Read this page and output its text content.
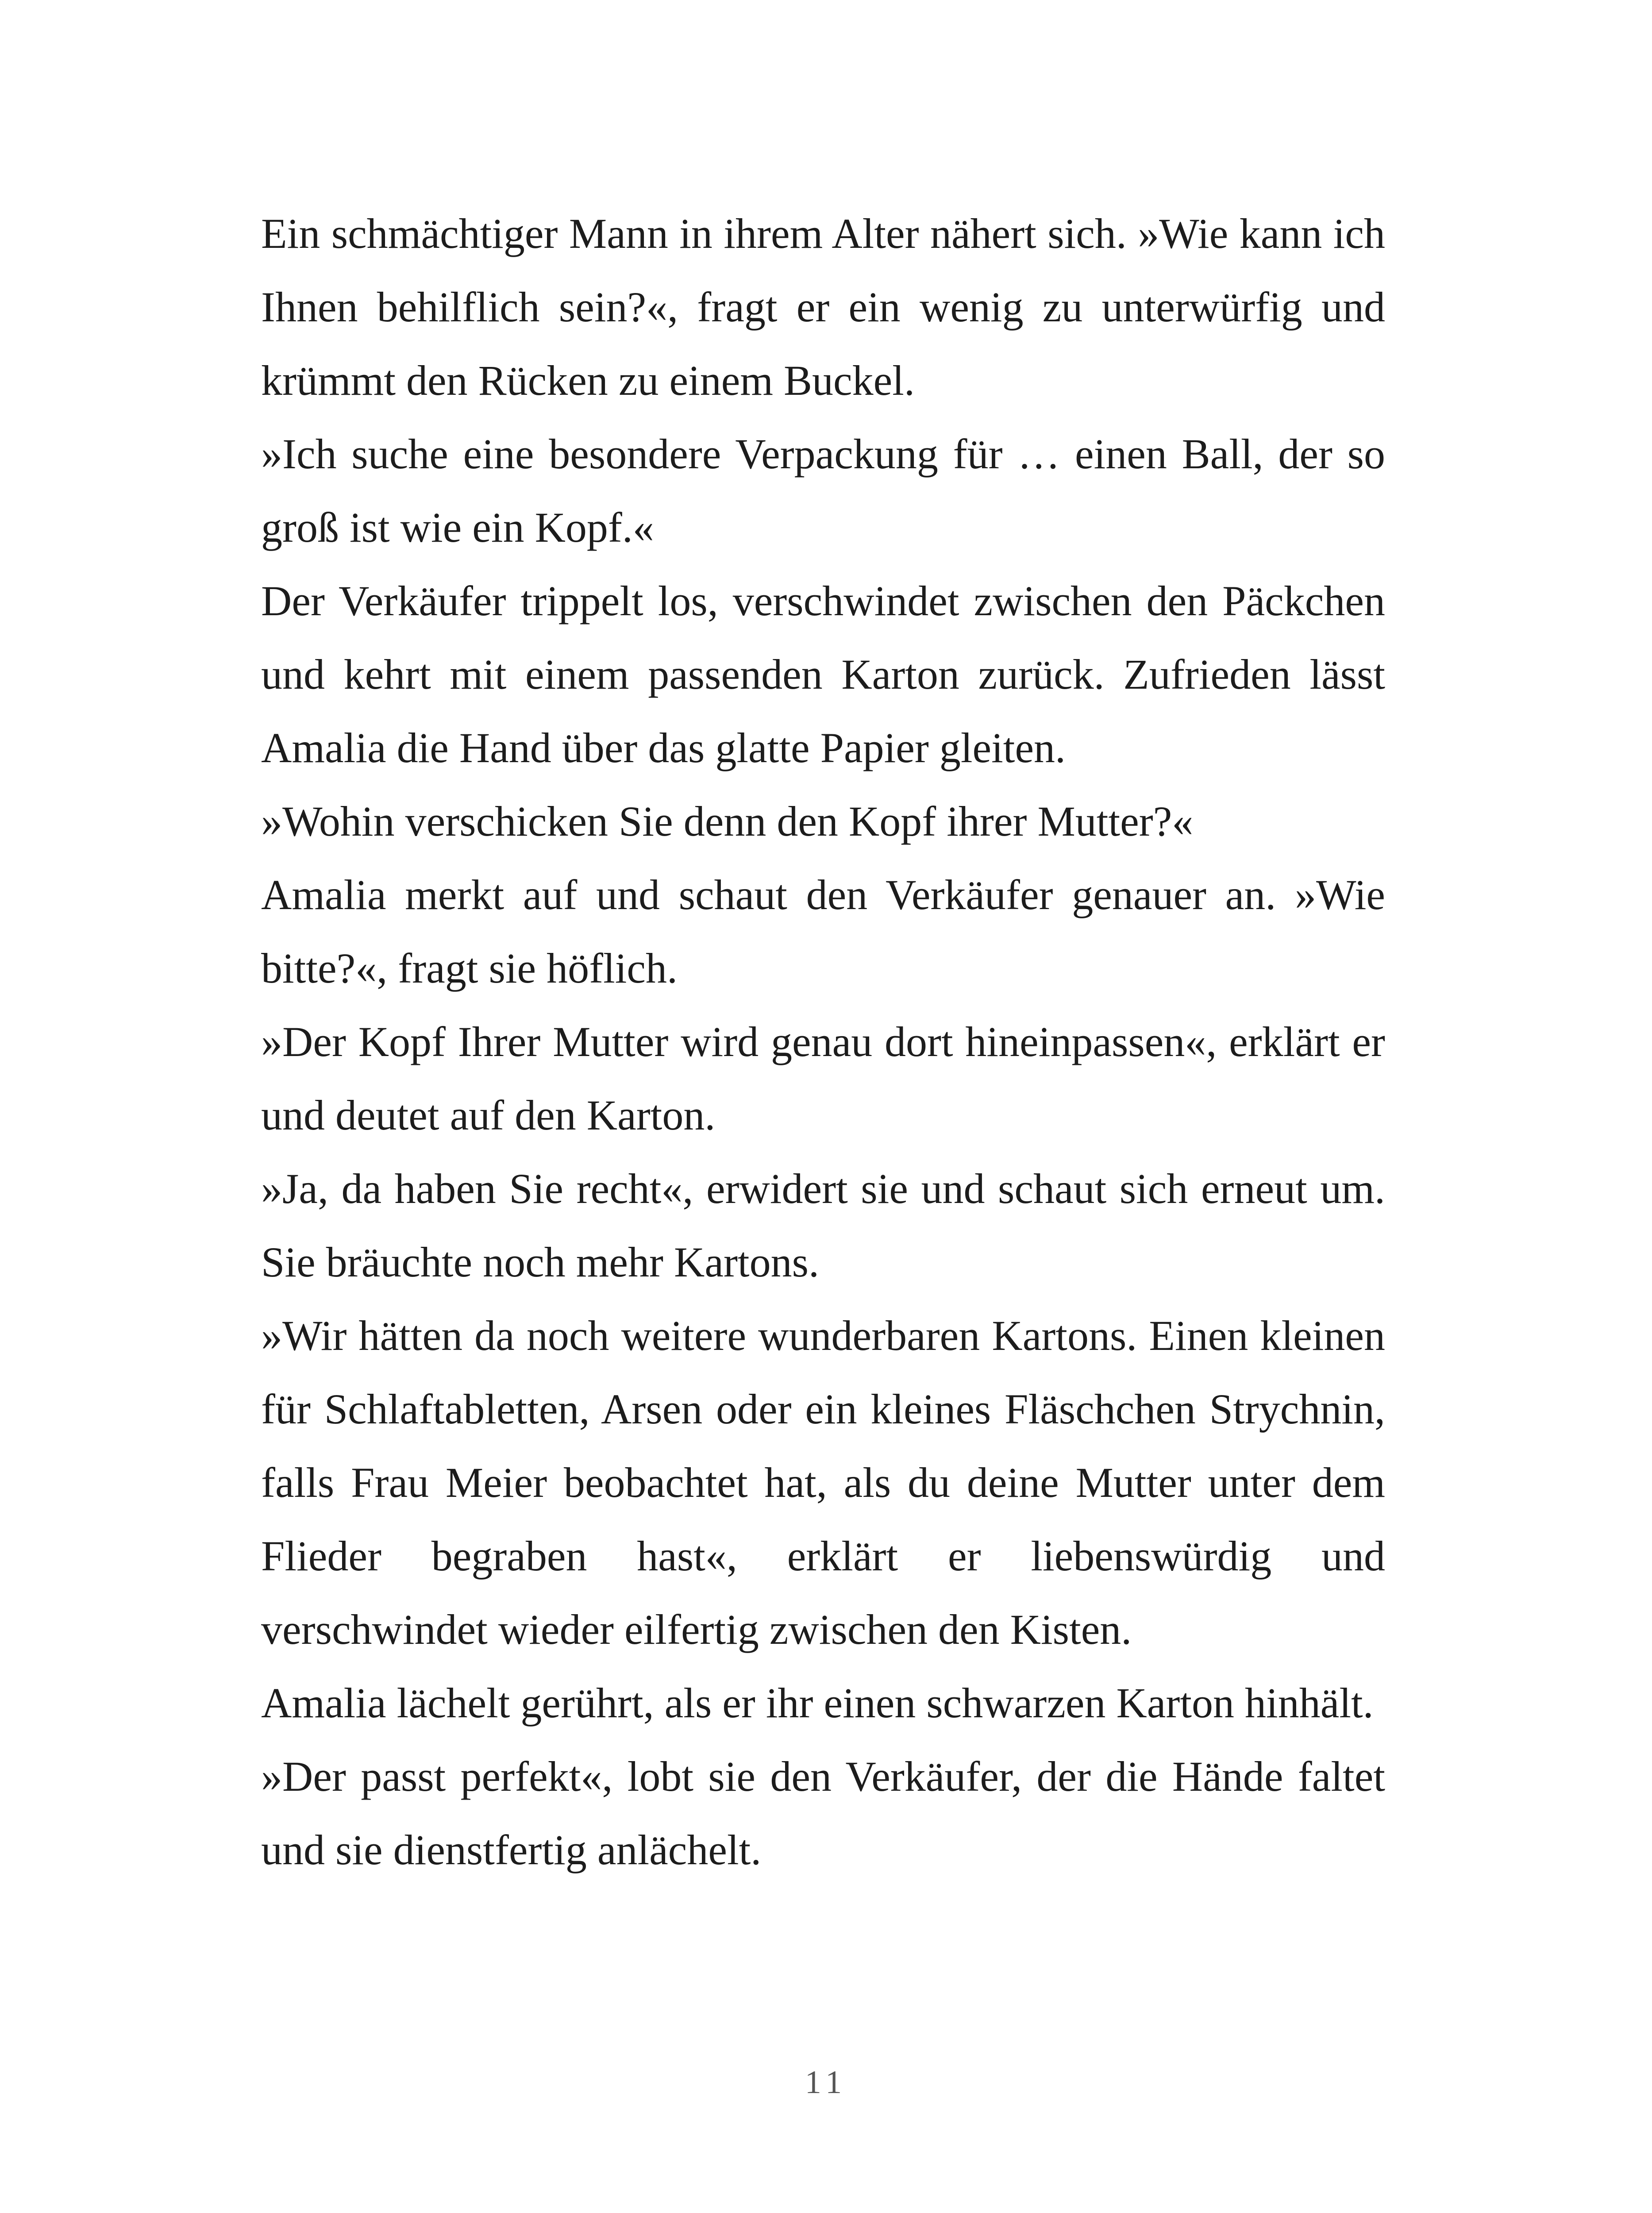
Ein schmächtiger Mann in ihrem Alter nähert sich. »Wie kann ich Ihnen behilflich sein?«, fragt er ein wenig zu unterwürfig und krümmt den Rücken zu einem Buckel.

»Ich suche eine besondere Verpackung für … einen Ball, der so groß ist wie ein Kopf.«

Der Verkäufer trippelt los, verschwindet zwischen den Päckchen und kehrt mit einem passenden Karton zurück. Zufrieden lässt Amalia die Hand über das glatte Papier gleiten.

»Wohin verschicken Sie denn den Kopf ihrer Mutter?«

Amalia merkt auf und schaut den Verkäufer genauer an. »Wie bitte?«, fragt sie höflich.

»Der Kopf Ihrer Mutter wird genau dort hineinpassen«, erklärt er und deutet auf den Karton.

»Ja, da haben Sie recht«, erwidert sie und schaut sich erneut um. Sie bräuchte noch mehr Kartons.

»Wir hätten da noch weitere wunderbaren Kartons. Einen kleinen für Schlaftabletten, Arsen oder ein kleines Fläschchen Strychnin, falls Frau Meier beobachtet hat, als du deine Mutter unter dem Flieder begraben hast«, erklärt er liebenswürdig und verschwindet wieder eilfertig zwischen den Kisten.

Amalia lächelt gerührt, als er ihr einen schwarzen Karton hinhält.

»Der passt perfekt«, lobt sie den Verkäufer, der die Hände faltet und sie dienstfertig anlächelt.

11
